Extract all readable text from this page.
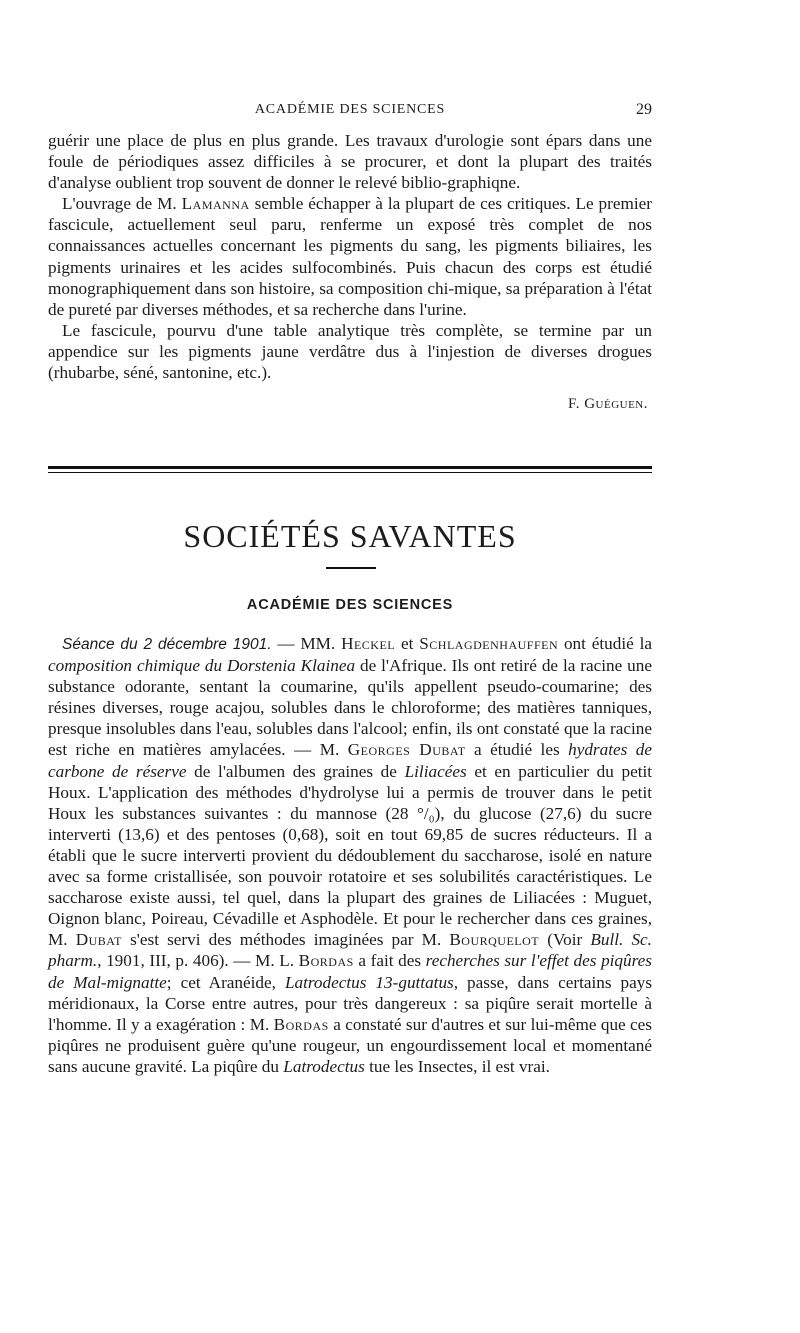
ACADÉMIE DES SCIENCES	29

guérir une place de plus en plus grande. Les travaux d'urologie sont épars dans une foule de périodiques assez difficiles à se procurer, et dont la plupart des traités d'analyse oublient trop souvent de donner le relevé biblio-graphiqne.

L'ouvrage de M. Lamanna semble échapper à la plupart de ces critiques. Le premier fascicule, actuellement seul paru, renferme un exposé très complet de nos connaissances actuelles concernant les pigments du sang, les pigments biliaires, les pigments urinaires et les acides sulfocombinés. Puis chacun des corps est étudié monographiquement dans son histoire, sa composition chi-mique, sa préparation à l'état de pureté par diverses méthodes, et sa recherche dans l'urine.

Le fascicule, pourvu d'une table analytique très complète, se termine par un appendice sur les pigments jaune verdâtre dus à l'injestion de diverses drogues (rhubarbe, séné, santonine, etc.).

F. Guéguen.

SOCIÉTÉS SAVANTES
ACADÉMIE DES SCIENCES

Séance du 2 décembre 1901. — MM. Heckel et Schlagdenhauffen ont étudié la composition chimique du Dorstenia Klainea de l'Afrique. Ils ont retiré de la racine une substance odorante, sentant la coumarine, qu'ils appellent pseudo-coumarine; des résines diverses, rouge acajou, solubles dans le chloroforme; des matières tanniques, presque insolubles dans l'eau, solubles dans l'alcool; enfin, ils ont constaté que la racine est riche en matières amylacées. — M. Georges Dubat a étudié les hydrates de carbone de réserve de l'albumen des graines de Liliacées et en particulier du petit Houx. L'application des méthodes d'hydrolyse lui a permis de trouver dans le petit Houx les substances suivantes : du mannose (28 °/₀), du glucose (27,6) du sucre interverti (13,6) et des pentoses (0,68), soit en tout 69,85 de sucres réducteurs. Il a établi que le sucre interverti provient du dédoublement du saccharose, isolé en nature avec sa forme cristallisée, son pouvoir rotatoire et ses solubilités caractéristiques. Le saccharose existe aussi, tel quel, dans la plupart des graines de Liliacées : Muguet, Oignon blanc, Poireau, Cévadille et Asphodèle. Et pour le rechercher dans ces graines, M. Dubat s'est servi des méthodes imaginées par M. Bourquelot (Voir Bull. Sc. pharm., 1901, III, p. 406). — M. L. Bordas a fait des recherches sur l'effet des piqûres de Mal-mignatte; cet Aranéide, Latrodectus 13-guttatus, passe, dans certains pays méridionaux, la Corse entre autres, pour très dangereux : sa piqûre serait mortelle à l'homme. Il y a exagération : M. Bordas a constaté sur d'autres et sur lui-même que ces piqûres ne produisent guère qu'une rougeur, un engourdissement local et momentané sans aucune gravité. La piqûre du Latrodectus tue les Insectes, il est vrai.
